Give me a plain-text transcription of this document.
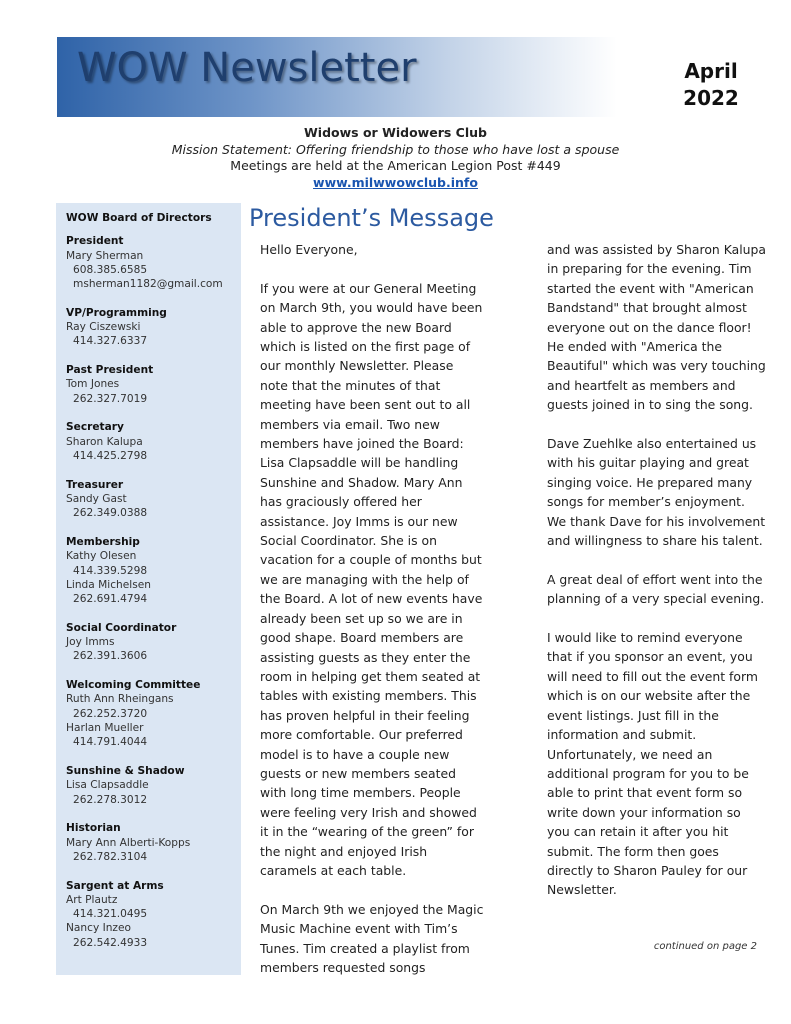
WOW Newsletter	April
2022
Widows or Widowers Club
Mission Statement: Offering friendship to those who have lost a spouse
Meetings are held at the American Legion Post #449
www.milwwowclub.info
WOW Board of Directors
President
Mary Sherman
608.385.6585
msherman1182@gmail.com
VP/Programming
Ray Ciszewski
414.327.6337
Past President
Tom Jones
262.327.7019
Secretary
Sharon Kalupa
414.425.2798
Treasurer
Sandy Gast
262.349.0388
Membership
Kathy Olesen
414.339.5298
Linda Michelsen
262.691.4794
Social Coordinator
Joy Imms
262.391.3606
Welcoming Committee
Ruth Ann Rheingans
262.252.3720
Harlan Mueller
414.791.4044
Sunshine & Shadow
Lisa Clapsaddle
262.278.3012
Historian
Mary Ann Alberti-Kopps
262.782.3104
Sargent at Arms
Art Plautz
414.321.0495
Nancy Inzeo
262.542.4933
President’s Message

Hello Everyone,

If you were at our General Meeting on March 9th, you would have been able to approve the new Board which is listed on the first page of our monthly Newsletter. Please note that the minutes of that meeting have been sent out to all members via email. Two new members have joined the Board: Lisa Clapsaddle will be handling Sunshine and Shadow. Mary Ann has graciously offered her assistance. Joy Imms is our new Social Coordinator. She is on vacation for a couple of months but we are managing with the help of the Board. A lot of new events have already been set up so we are in good shape. Board members are assisting guests as they enter the room in helping get them seated at tables with existing members. This has proven helpful in their feeling more comfortable. Our preferred model is to have a couple new guests or new members seated with long time members. People were feeling very Irish and showed it in the “wearing of the green” for the night and enjoyed Irish caramels at each table.

On March 9th we enjoyed the Magic Music Machine event with Tim’s Tunes. Tim created a playlist from members requested songs

and was assisted by Sharon Kalupa in preparing for the evening. Tim started the event with "American Bandstand" that brought almost everyone out on the dance floor! He ended with "America the Beautiful" which was very touching and heartfelt as members and guests joined in to sing the song.

Dave Zuehlke also entertained us with his guitar playing and great singing voice. He prepared many songs for member’s enjoyment. We thank Dave for his involvement and willingness to share his talent.

A great deal of effort went into the planning of a very special evening.

I would like to remind everyone that if you sponsor an event, you will need to fill out the event form which is on our website after the event listings. Just fill in the information and submit. Unfortunately, we need an additional program for you to be able to print that event form so write down your information so you can retain it after you hit submit. The form then goes directly to Sharon Pauley for our Newsletter.

continued on page 2
